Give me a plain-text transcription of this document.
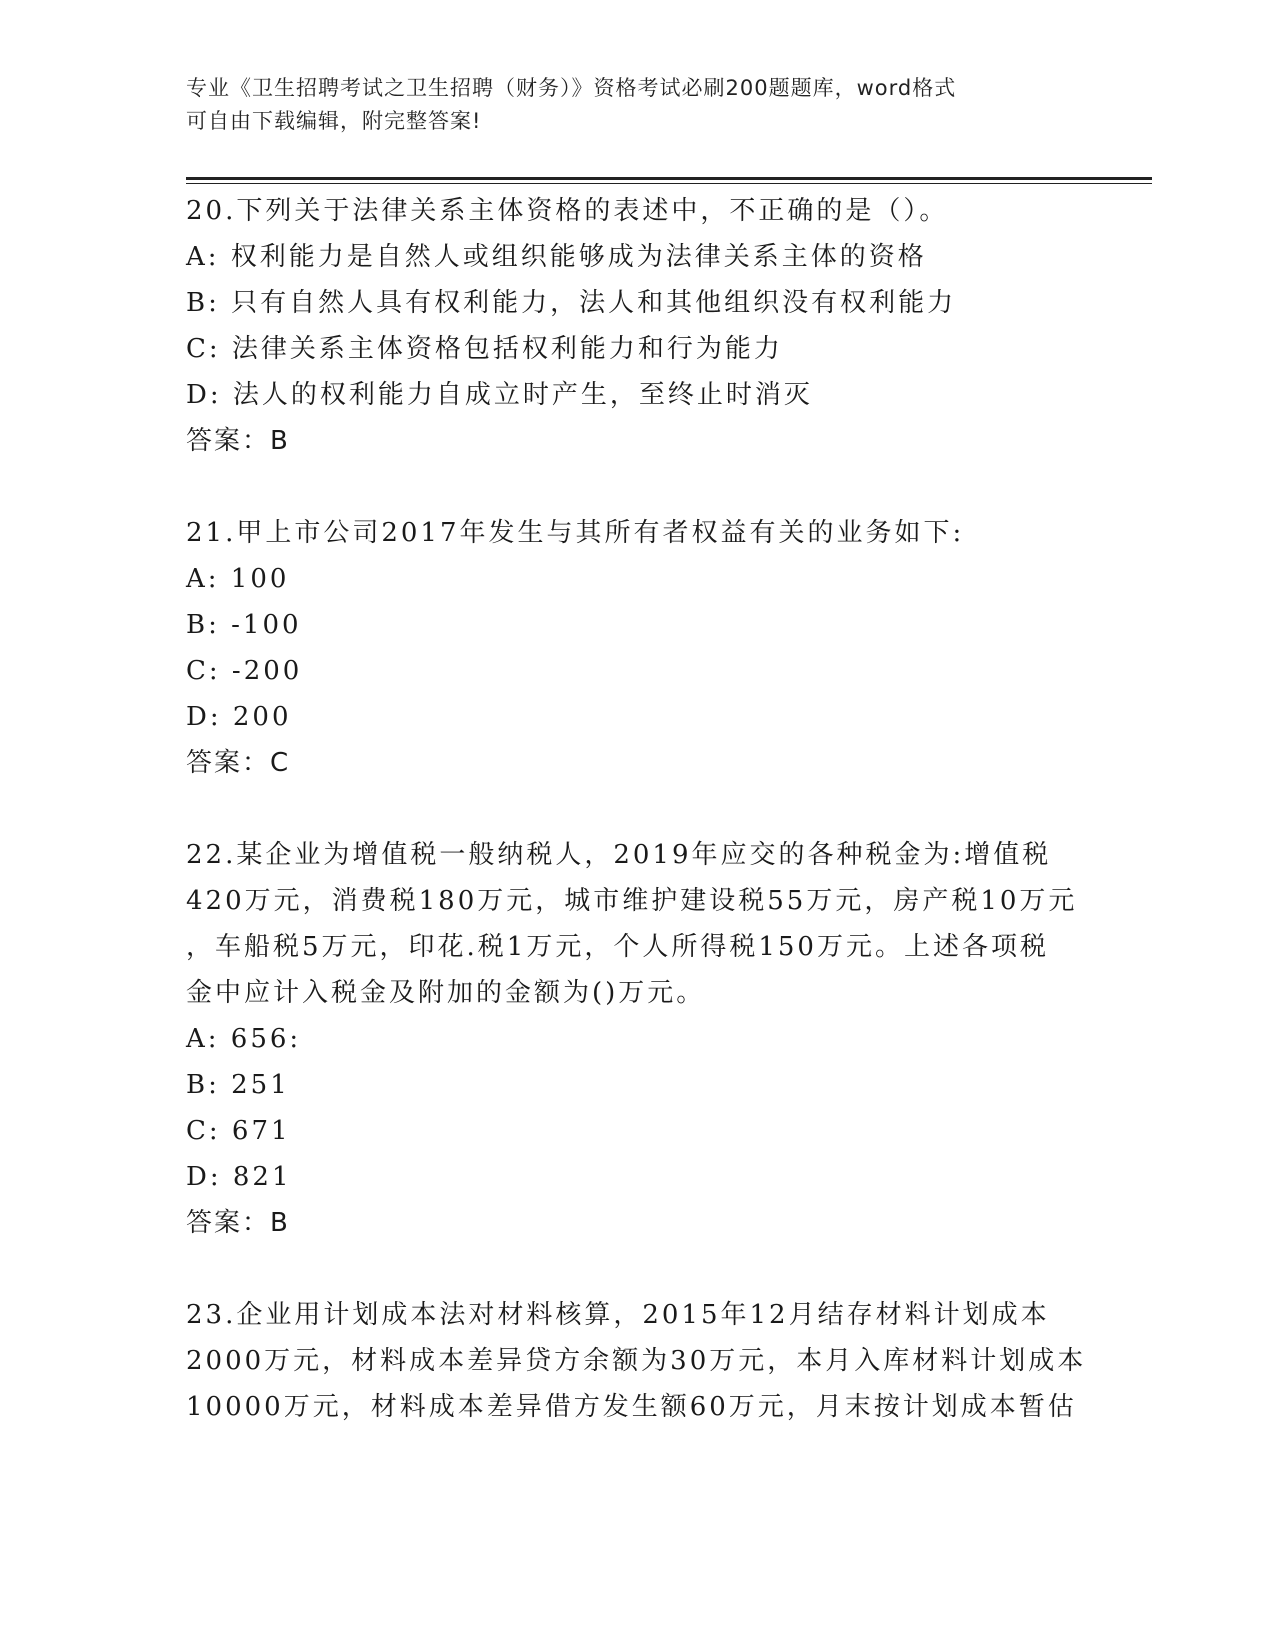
专业《卫生招聘考试之卫生招聘（财务）》资格考试必刷200题题库，word格式
可自由下载编辑，附完整答案!
20.下列关于法律关系主体资格的表述中，不正确的是（）。
A: 权利能力是自然人或组织能够成为法律关系主体的资格
B: 只有自然人具有权利能力，法人和其他组织没有权利能力
C: 法律关系主体资格包括权利能力和行为能力
D: 法人的权利能力自成立时产生，至终止时消灭
答案：B
21.甲上市公司2017年发生与其所有者权益有关的业务如下:
A: 100
B: -100
C: -200
D: 200
答案：C
22.某企业为增值税一般纳税人，2019年应交的各种税金为:增值税
420万元，消费税180万元，城市维护建设税55万元，房产税10万元
，车船税5万元，印花.税1万元，个人所得税150万元。上述各项税
金中应计入税金及附加的金额为()万元。
A: 656:
B: 251
C: 671
D: 821
答案：B
23.企业用计划成本法对材料核算，2015年12月结存材料计划成本
2000万元，材料成本差异贷方余额为30万元，本月入库材料计划成本
10000万元，材料成本差异借方发生额60万元，月末按计划成本暂估
